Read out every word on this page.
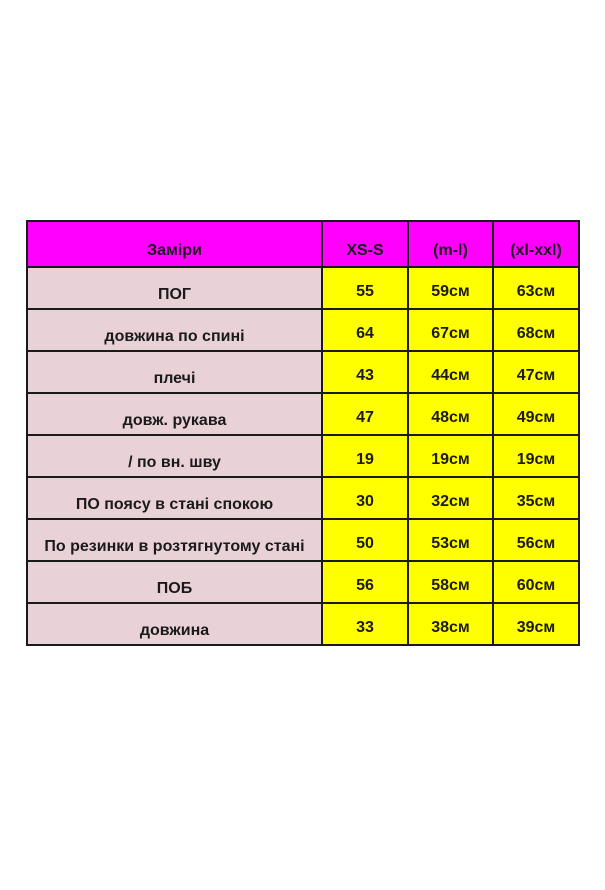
Заміри	XS-S	(m-l)	(xl-xxl)
ПОГ	55	59см	63см
довжина по спині	64	67см	68см
плечі	43	44см	47см
довж. рукава	47	48см	49см
/ по вн. шву	19	19см	19см
ПО поясу в стані спокою	30	32см	35см
По резинки в розтягнутому стані	50	53см	56см
ПОБ	56	58см	60см
довжина	33	38см	39см
